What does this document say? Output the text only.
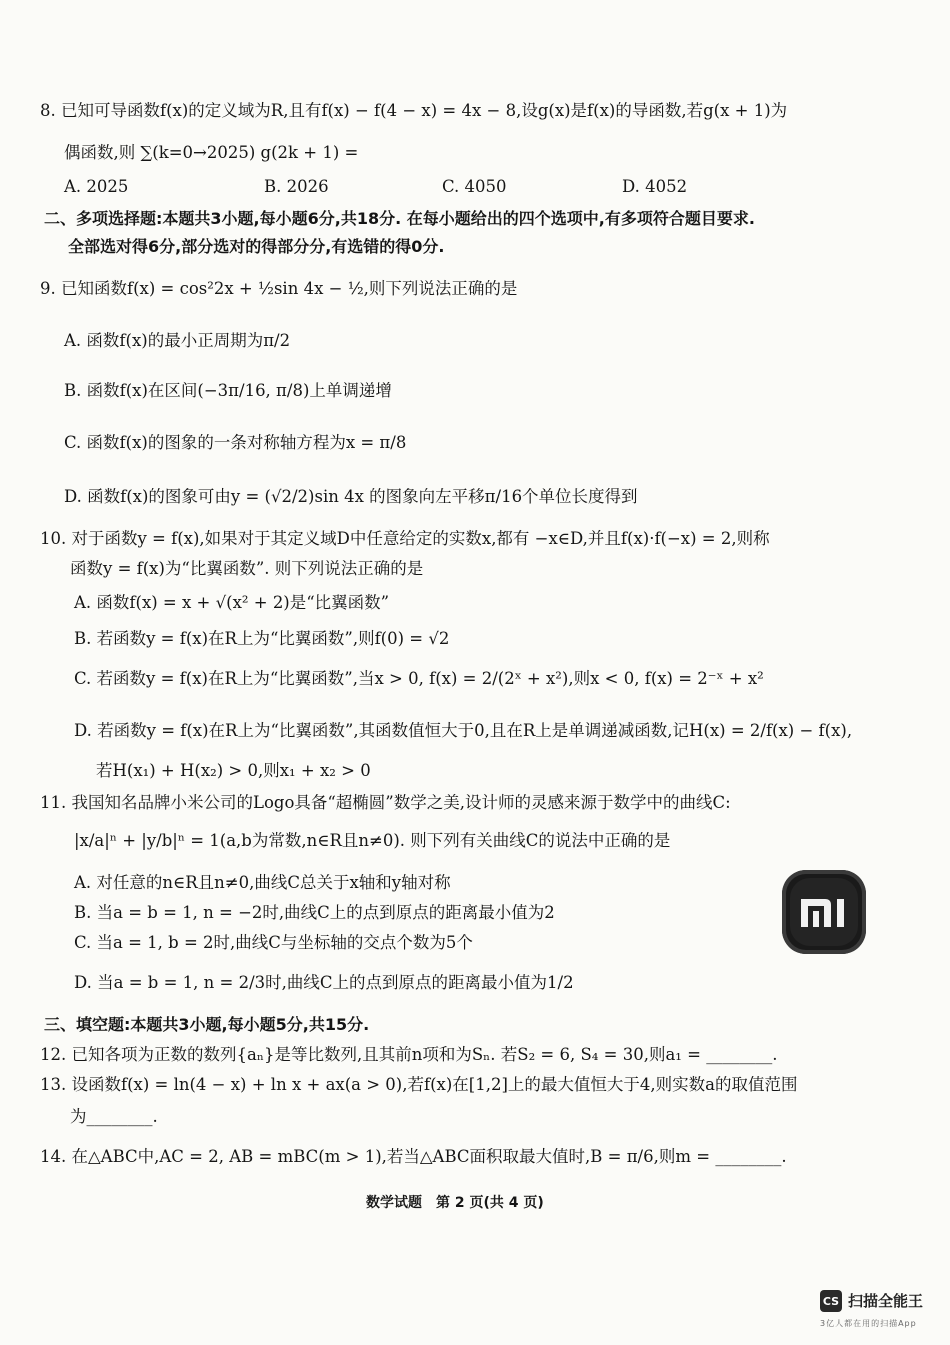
8. 已知可导函数f(x)的定义域为R,且有f(x) − f(4 − x) = 4x − 8,设g(x)是f(x)的导函数,若g(x + 1)为
偶函数,则 ∑(k=0→2025) g(2k + 1) =
A. 2025	B. 2026	C. 4050	D. 4052
二、多项选择题:本题共3小题,每小题6分,共18分. 在每小题给出的四个选项中,有多项符合题目要求.
全部选对得6分,部分选对的得部分分,有选错的得0分.
9. 已知函数f(x) = cos²2x + ½sin 4x − ½,则下列说法正确的是
A. 函数f(x)的最小正周期为π/2
B. 函数f(x)在区间(−3π/16, π/8)上单调递增
C. 函数f(x)的图象的一条对称轴方程为x = π/8
D. 函数f(x)的图象可由y = (√2/2)sin 4x 的图象向左平移π/16个单位长度得到
10. 对于函数y = f(x),如果对于其定义域D中任意给定的实数x,都有 −x∈D,并且f(x)·f(−x) = 2,则称
函数y = f(x)为“比翼函数”. 则下列说法正确的是
A. 函数f(x) = x + √(x² + 2)是“比翼函数”
B. 若函数y = f(x)在R上为“比翼函数”,则f(0) = √2
C. 若函数y = f(x)在R上为“比翼函数”,当x > 0, f(x) = 2/(2ˣ + x²),则x < 0, f(x) = 2⁻ˣ + x²
D. 若函数y = f(x)在R上为“比翼函数”,其函数值恒大于0,且在R上是单调递减函数,记H(x) = 2/f(x) − f(x),
若H(x₁) + H(x₂) > 0,则x₁ + x₂ > 0
11. 我国知名品牌小米公司的Logo具备“超椭圆”数学之美,设计师的灵感来源于数学中的曲线C:
|x/a|ⁿ + |y/b|ⁿ = 1(a,b为常数,n∈R且n≠0). 则下列有关曲线C的说法中正确的是
A. 对任意的n∈R且n≠0,曲线C总关于x轴和y轴对称
B. 当a = b = 1, n = −2时,曲线C上的点到原点的距离最小值为2
C. 当a = 1, b = 2时,曲线C与坐标轴的交点个数为5个
D. 当a = b = 1, n = 2/3时,曲线C上的点到原点的距离最小值为1/2
三、填空题:本题共3小题,每小题5分,共15分.
12. 已知各项为正数的数列{aₙ}是等比数列,且其前n项和为Sₙ. 若S₂ = 6, S₄ = 30,则a₁ = ________.
13. 设函数f(x) = ln(4 − x) + ln x + ax(a > 0),若f(x)在[1,2]上的最大值恒大于4,则实数a的取值范围
为________.
14. 在△ABC中,AC = 2, AB = mBC(m > 1),若当△ABC面积取最大值时,B = π/6,则m = ________.
数学试题　第 2 页(共 4 页)
CS 扫描全能王
3亿人都在用的扫描App
